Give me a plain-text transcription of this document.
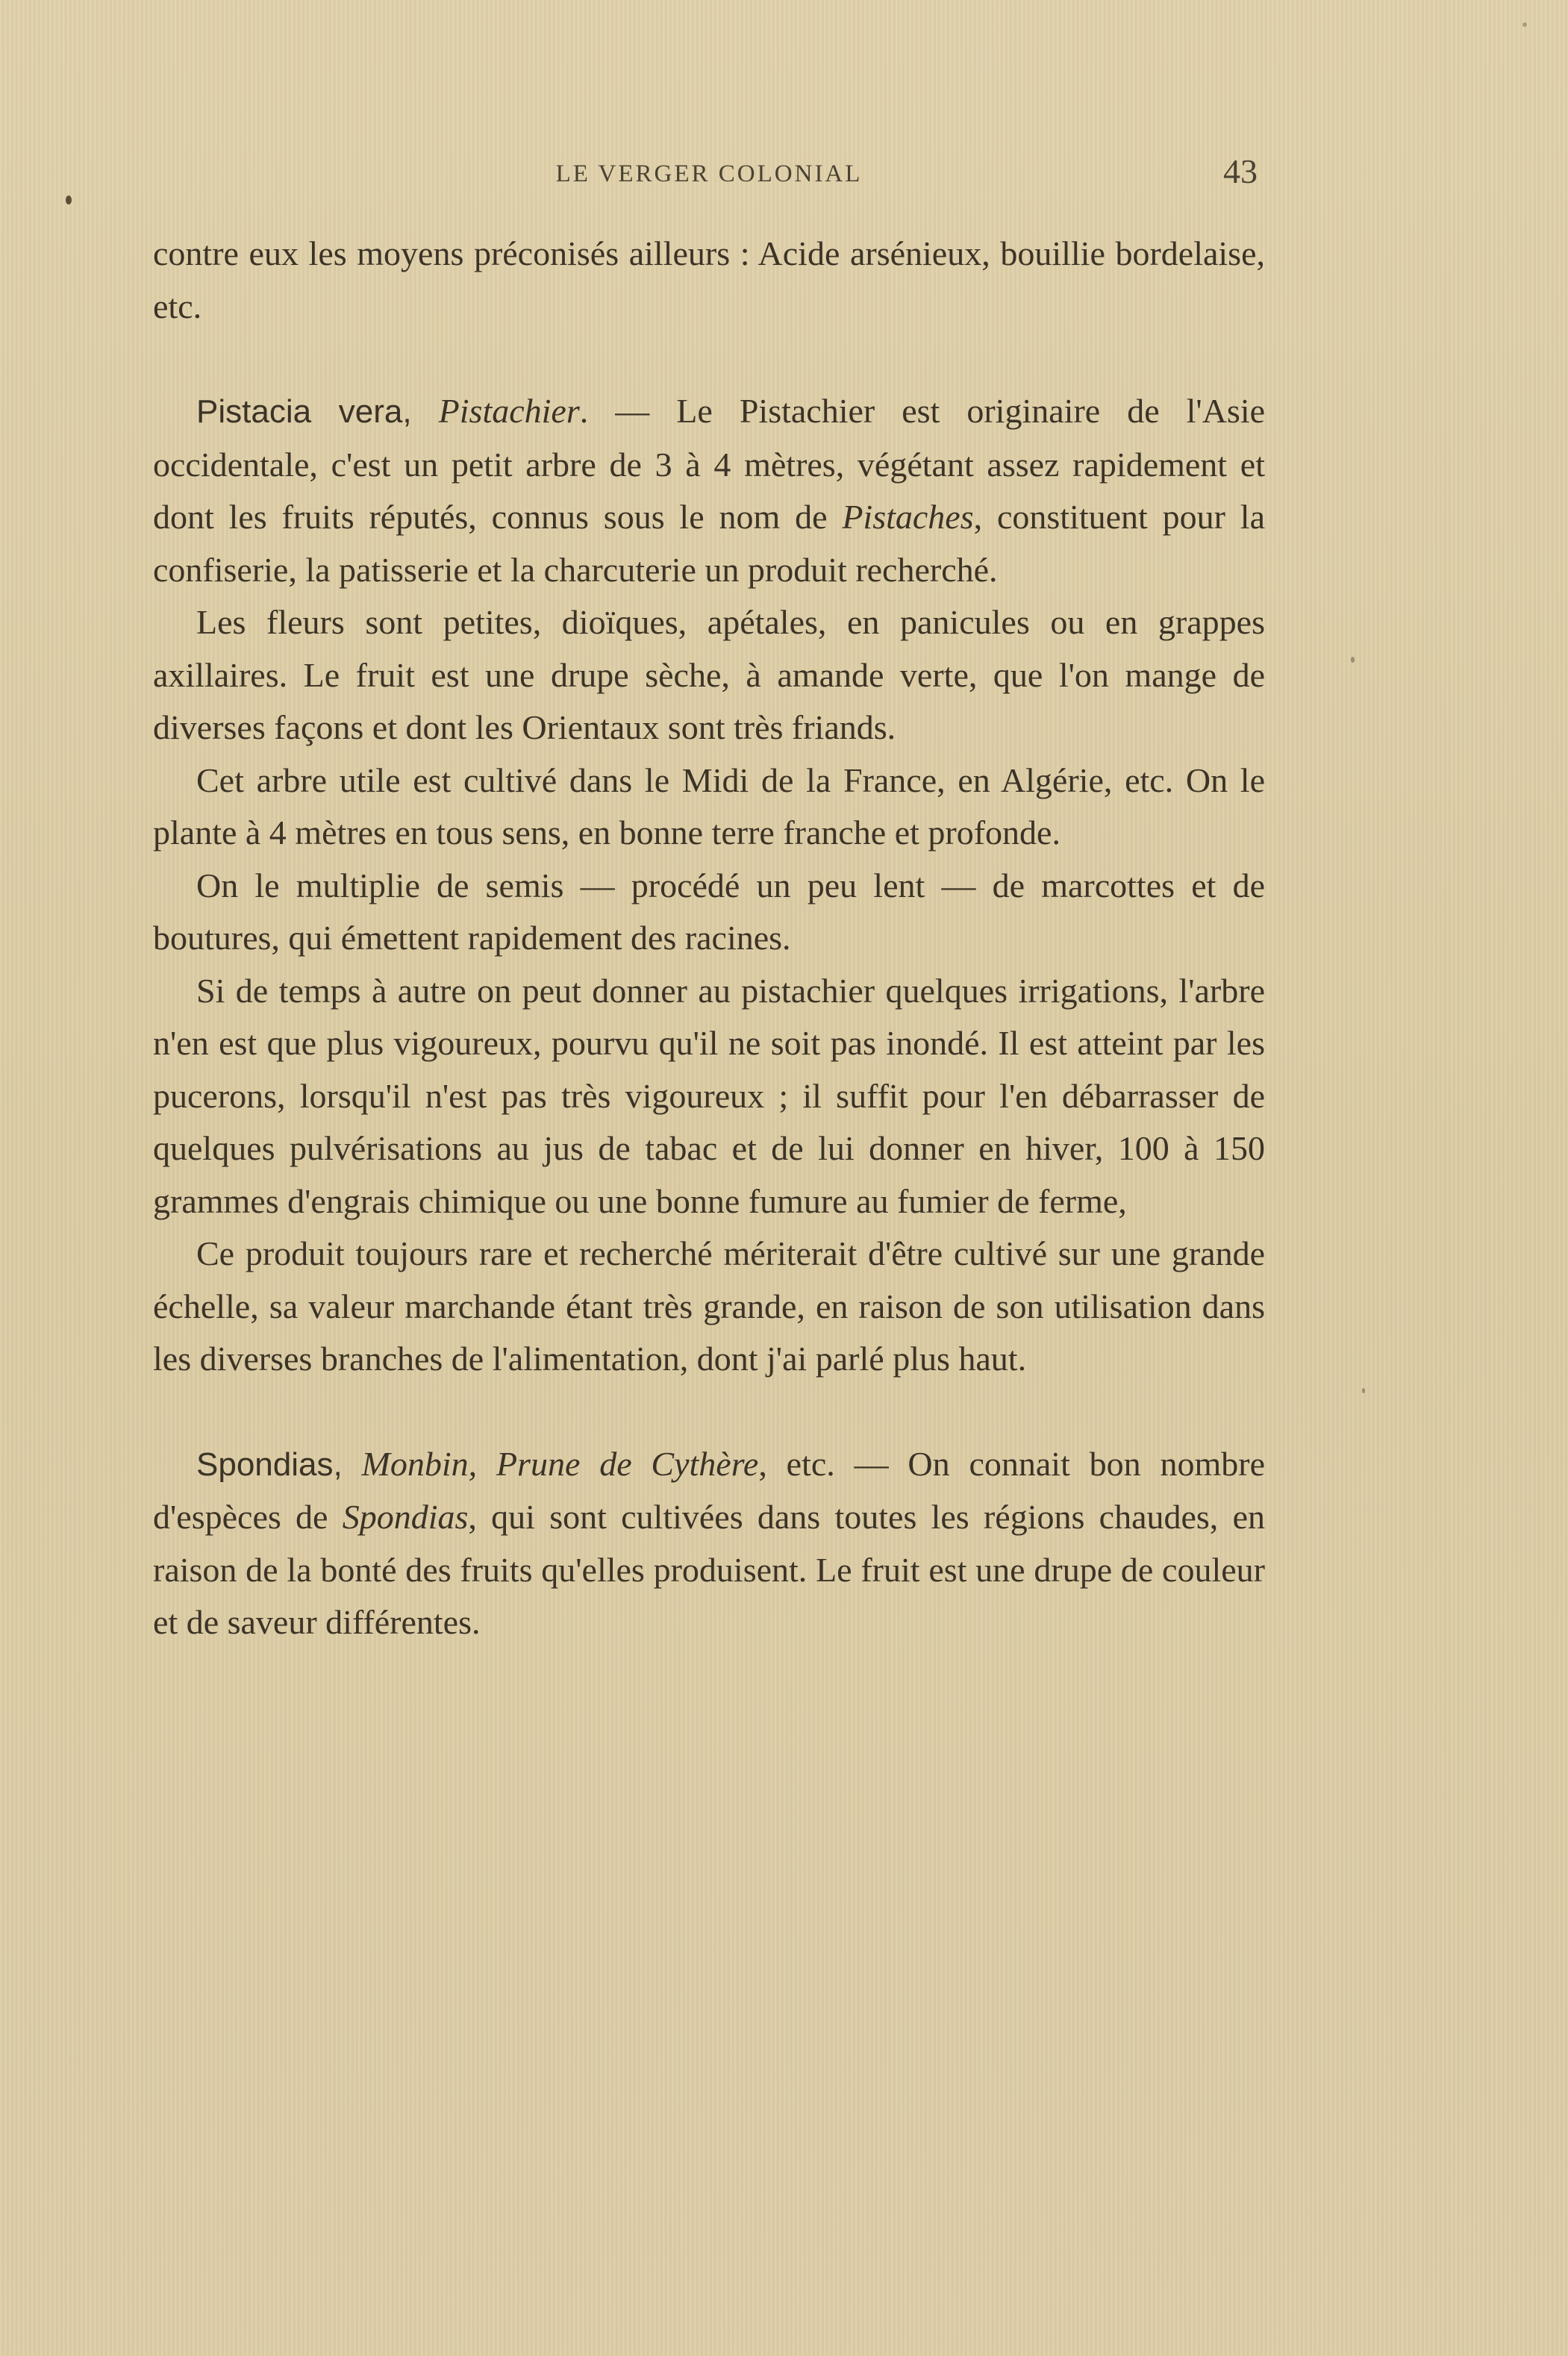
LE VERGER COLONIAL	43

contre eux les moyens préconisés ailleurs : Acide arsénieux, bouillie bordelaise, etc.

Pistacia vera, Pistachier. — Le Pistachier est originaire de l'Asie occidentale, c'est un petit arbre de 3 à 4 mètres, végétant assez rapidement et dont les fruits réputés, connus sous le nom de Pistaches, constituent pour la confiserie, la patisserie et la charcuterie un produit recherché.

Les fleurs sont petites, dioïques, apétales, en panicules ou en grappes axillaires. Le fruit est une drupe sèche, à amande verte, que l'on mange de diverses façons et dont les Orientaux sont très friands.

Cet arbre utile est cultivé dans le Midi de la France, en Algérie, etc. On le plante à 4 mètres en tous sens, en bonne terre franche et profonde.

On le multiplie de semis — procédé un peu lent — de marcottes et de boutures, qui émettent rapidement des racines.

Si de temps à autre on peut donner au pistachier quelques irrigations, l'arbre n'en est que plus vigoureux, pourvu qu'il ne soit pas inondé. Il est atteint par les pucerons, lorsqu'il n'est pas très vigoureux ; il suffit pour l'en débarrasser de quelques pulvérisations au jus de tabac et de lui donner en hiver, 100 à 150 grammes d'engrais chimique ou une bonne fumure au fumier de ferme,

Ce produit toujours rare et recherché mériterait d'être cultivé sur une grande échelle, sa valeur marchande étant très grande, en raison de son utilisation dans les diverses branches de l'alimentation, dont j'ai parlé plus haut.

Spondias, Monbin, Prune de Cythère, etc. — On connait bon nombre d'espèces de Spondias, qui sont cultivées dans toutes les régions chaudes, en raison de la bonté des fruits qu'elles produisent. Le fruit est une drupe de couleur et de saveur différentes.
